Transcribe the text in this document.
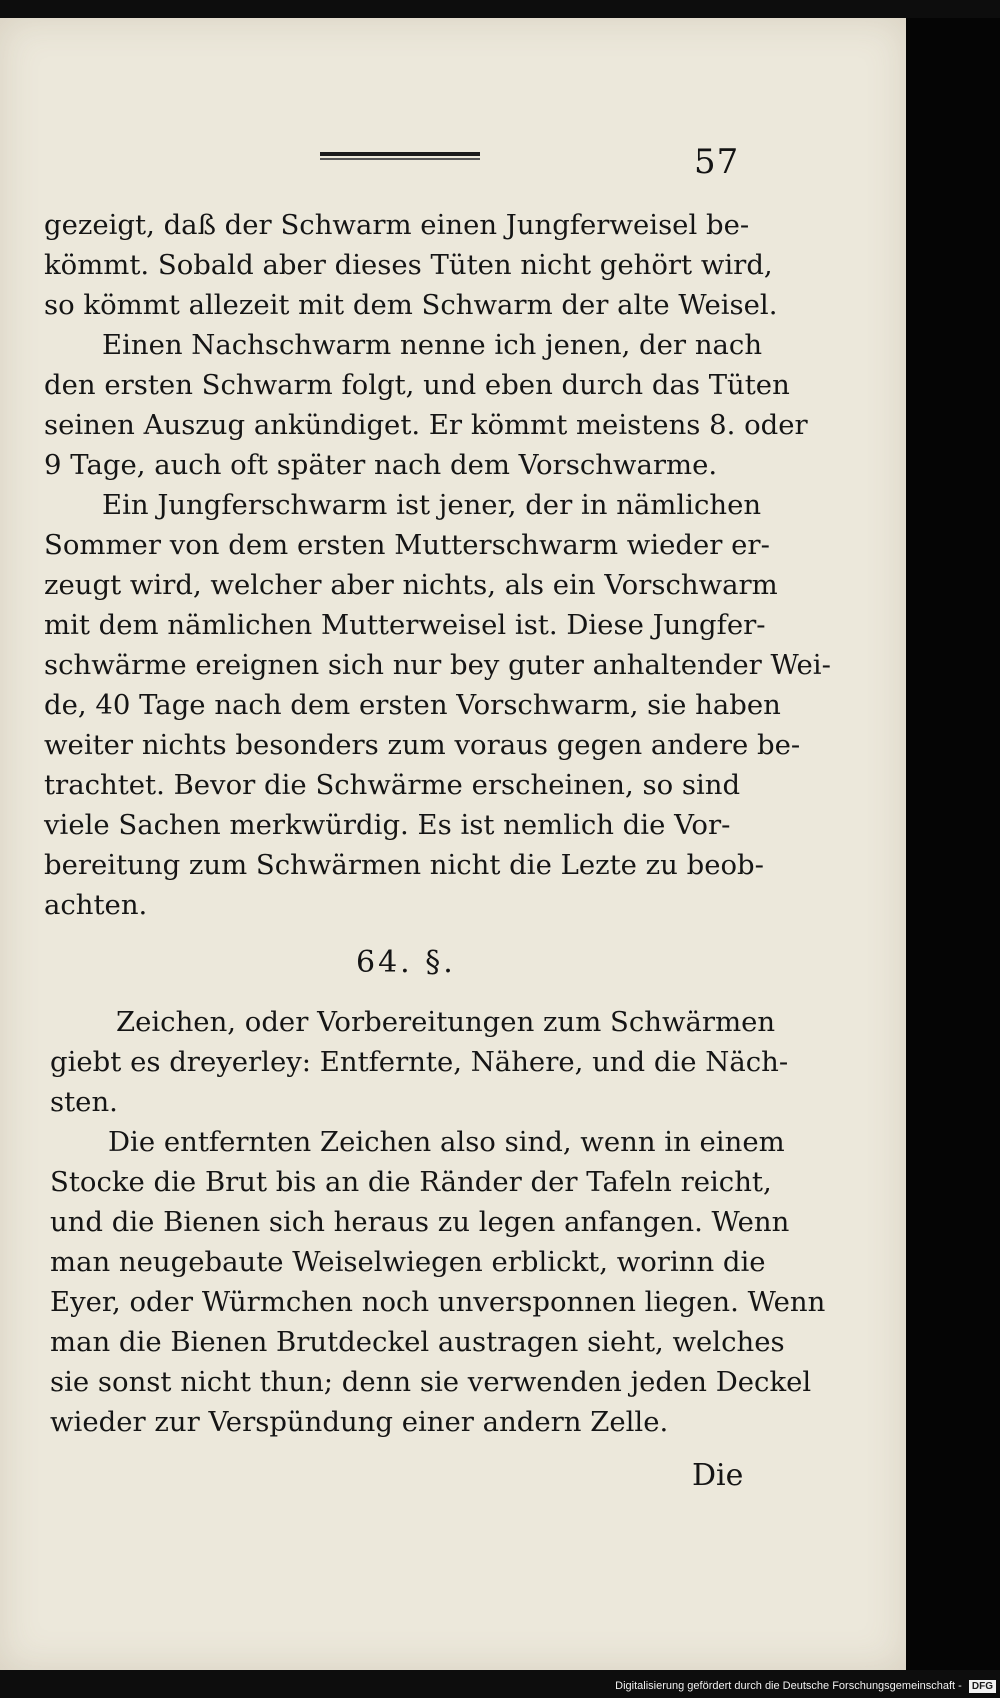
57

gezeigt, daß der Schwarm einen Jungferweisel be-
kömmt. Sobald aber dieses Tüten nicht gehört wird,
so kömmt allezeit mit dem Schwarm der alte Weisel.

Einen Nachschwarm nenne ich jenen, der nach
den ersten Schwarm folgt, und eben durch das Tüten
seinen Auszug ankündiget. Er kömmt meistens 8. oder
9 Tage, auch oft später nach dem Vorschwarme.

Ein Jungferschwarm ist jener, der in nämlichen
Sommer von dem ersten Mutterschwarm wieder er-
zeugt wird, welcher aber nichts, als ein Vorschwarm
mit dem nämlichen Mutterweisel ist. Diese Jungfer-
schwärme ereignen sich nur bey guter anhaltender Wei-
de, 40 Tage nach dem ersten Vorschwarm, sie haben
weiter nichts besonders zum voraus gegen andere be-
trachtet. Bevor die Schwärme erscheinen, so sind
viele Sachen merkwürdig. Es ist nemlich die Vor-
bereitung zum Schwärmen nicht die Lezte zu beob-
achten.

64. §.

Zeichen, oder Vorbereitungen zum Schwärmen
giebt es dreyerley: Entfernte, Nähere, und die Näch-
sten.

Die entfernten Zeichen also sind, wenn in einem
Stocke die Brut bis an die Ränder der Tafeln reicht,
und die Bienen sich heraus zu legen anfangen. Wenn
man neugebaute Weiselwiegen erblickt, worinn die
Eyer, oder Würmchen noch unversponnen liegen. Wenn
man die Bienen Brutdeckel austragen sieht, welches
sie sonst nicht thun; denn sie verwenden jeden Deckel
wieder zur Verspündung einer andern Zelle.

Die
Digitalisierung gefördert durch die Deutsche Forschungsgemeinschaft - DFG
